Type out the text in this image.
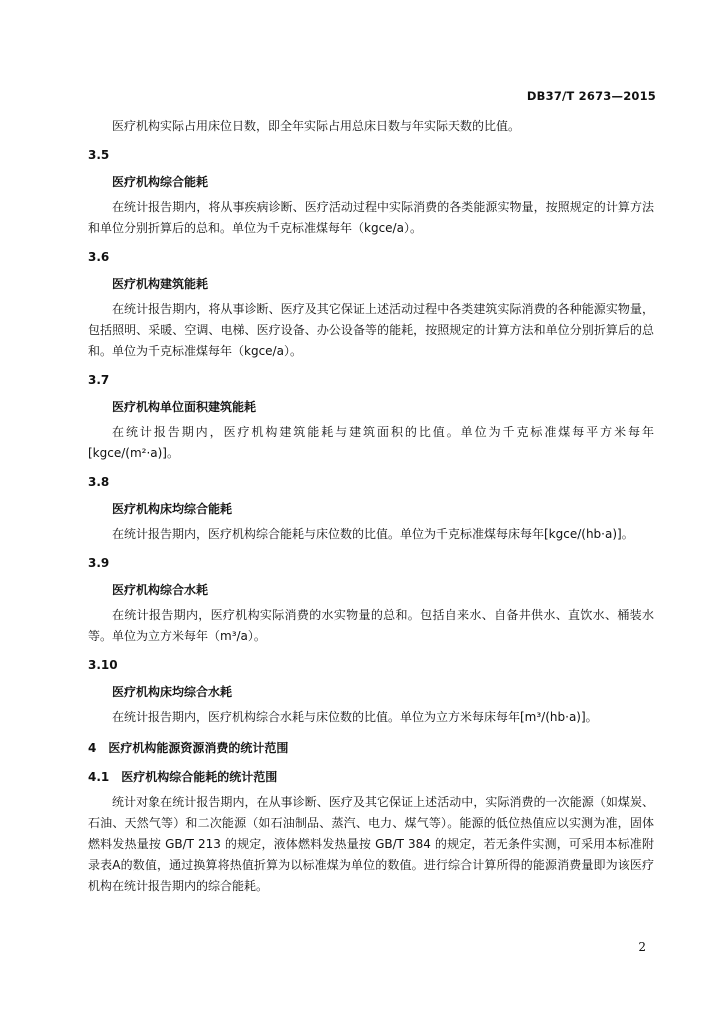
DB37/T 2673—2015

医疗机构实际占用床位日数，即全年实际占用总床日数与年实际天数的比值。

3.5
医疗机构综合能耗

在统计报告期内，将从事疾病诊断、医疗活动过程中实际消费的各类能源实物量，按照规定的计算方法和单位分别折算后的总和。单位为千克标准煤每年（kgce/a）。

3.6
医疗机构建筑能耗

在统计报告期内，将从事诊断、医疗及其它保证上述活动过程中各类建筑实际消费的各种能源实物量，包括照明、采暖、空调、电梯、医疗设备、办公设备等的能耗，按照规定的计算方法和单位分别折算后的总和。单位为千克标准煤每年（kgce/a）。

3.7
医疗机构单位面积建筑能耗

在统计报告期内，医疗机构建筑能耗与建筑面积的比值。单位为千克标准煤每平方米每年[kgce/(m²·a)]。

3.8
医疗机构床均综合能耗

在统计报告期内，医疗机构综合能耗与床位数的比值。单位为千克标准煤每床每年[kgce/(hb·a)]。

3.9
医疗机构综合水耗

在统计报告期内，医疗机构实际消费的水实物量的总和。包括自来水、自备井供水、直饮水、桶装水等。单位为立方米每年（m³/a）。

3.10
医疗机构床均综合水耗

在统计报告期内，医疗机构综合水耗与床位数的比值。单位为立方米每床每年[m³/(hb·a)]。

4 医疗机构能源资源消费的统计范围
4.1 医疗机构综合能耗的统计范围

统计对象在统计报告期内，在从事诊断、医疗及其它保证上述活动中，实际消费的一次能源（如煤炭、石油、天然气等）和二次能源（如石油制品、蒸汽、电力、煤气等）。能源的低位热值应以实测为准，固体燃料发热量按 GB/T 213 的规定，液体燃料发热量按 GB/T 384 的规定，若无条件实测，可采用本标准附录表A的数值，通过换算将热值折算为以标准煤为单位的数值。进行综合计算所得的能源消费量即为该医疗机构在统计报告期内的综合能耗。

2
